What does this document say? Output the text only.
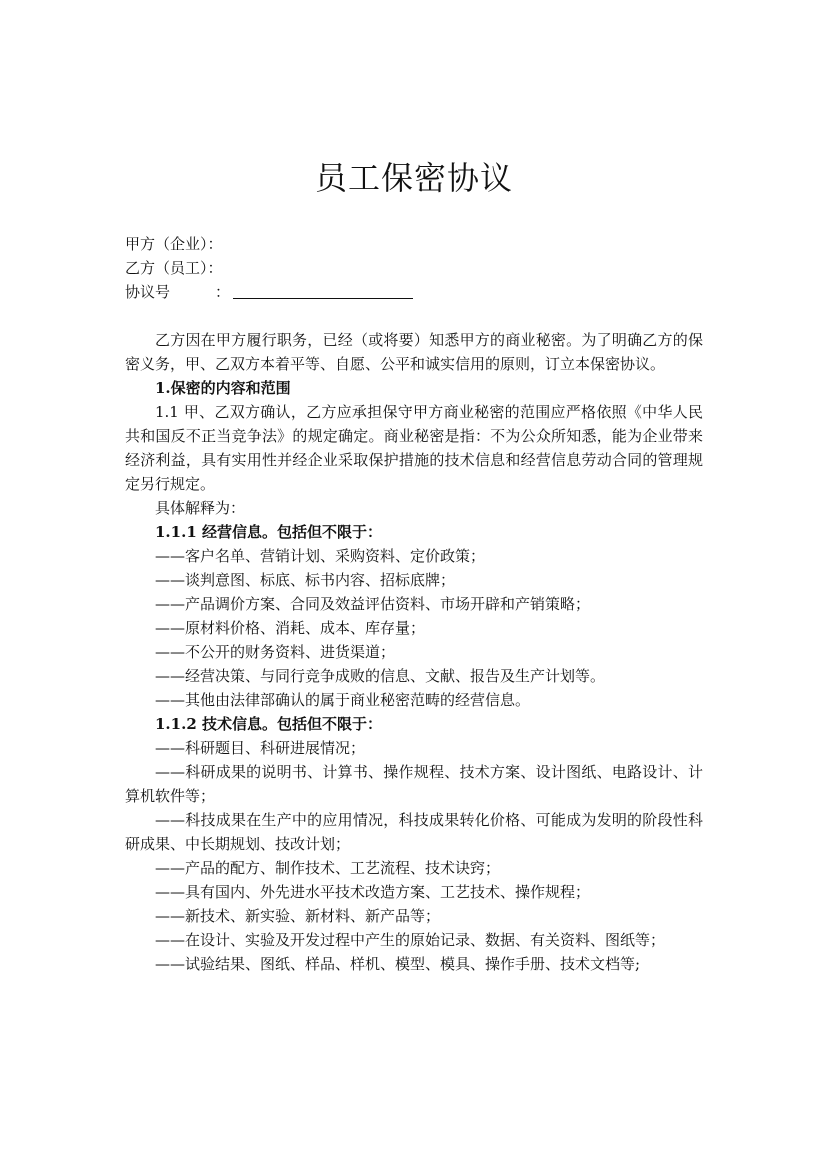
员工保密协议
甲方（企业）：
乙方（员工）：
协议号	：

乙方因在甲方履行职务，已经（或将要）知悉甲方的商业秘密。为了明确乙方的保密义务，甲、乙双方本着平等、自愿、公平和诚实信用的原则，订立本保密协议。

1.保密的内容和范围

1.1 甲、乙双方确认，乙方应承担保守甲方商业秘密的范围应严格依照《中华人民共和国反不正当竞争法》的规定确定。商业秘密是指：不为公众所知悉，能为企业带来经济利益，具有实用性并经企业采取保护措施的技术信息和经营信息劳动合同的管理规定另行规定。

具体解释为：

1.1.1 经营信息。包括但不限于：

——客户名单、营销计划、采购资料、定价政策；

——谈判意图、标底、标书内容、招标底牌；

——产品调价方案、合同及效益评估资料、市场开辟和产销策略；

——原材料价格、消耗、成本、库存量；

——不公开的财务资料、进货渠道；

——经营决策、与同行竞争成败的信息、文献、报告及生产计划等。

——其他由法律部确认的属于商业秘密范畴的经营信息。

1.1.2 技术信息。包括但不限于：

——科研题目、科研进展情况；

——科研成果的说明书、计算书、操作规程、技术方案、设计图纸、电路设计、计算机软件等；

——科技成果在生产中的应用情况，科技成果转化价格、可能成为发明的阶段性科研成果、中长期规划、技改计划；

——产品的配方、制作技术、工艺流程、技术诀窍；

——具有国内、外先进水平技术改造方案、工艺技术、操作规程；

——新技术、新实验、新材料、新产品等；

——在设计、实验及开发过程中产生的原始记录、数据、有关资料、图纸等；

——试验结果、图纸、样品、样机、模型、模具、操作手册、技术文档等;
